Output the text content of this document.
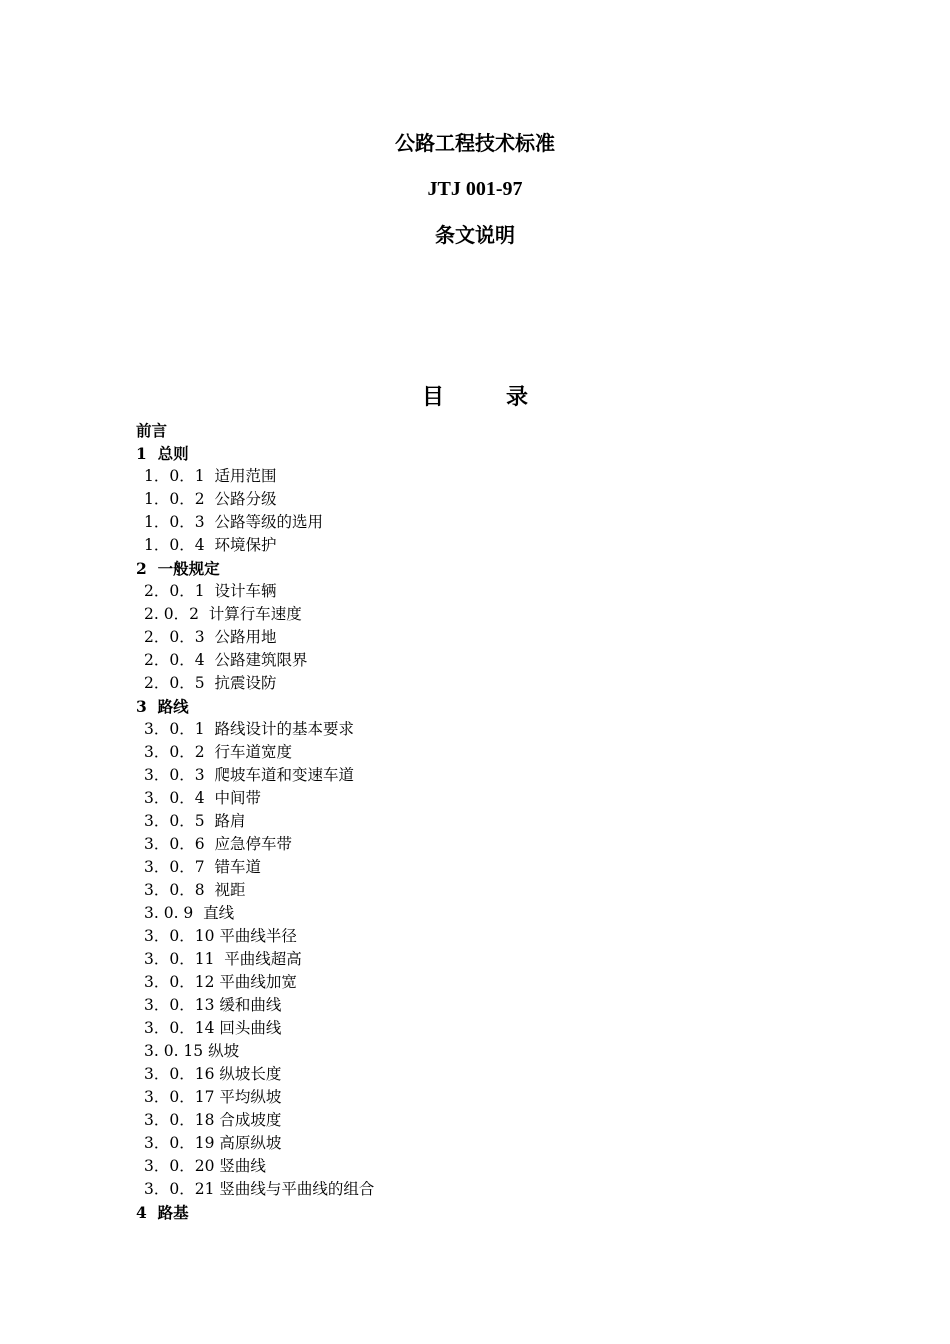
公路工程技术标准
JTJ 001-97
条文说明
目　录
前言
1  总则
1．0．1  适用范围
1．0．2  公路分级
1．0．3  公路等级的选用
1．0．4  环境保护
2  一般规定
2．0．1  设计车辆
2. 0．2  计算行车速度
2．0．3  公路用地
2．0．4  公路建筑限界
2．0．5  抗震设防
3  路线
3．0．1  路线设计的基本要求
3．0．2  行车道宽度
3．0．3  爬坡车道和变速车道
3．0．4  中间带
3．0．5  路肩
3．0．6  应急停车带
3．0．7  错车道
3．0．8  视距
3. 0. 9  直线
3．0．10 平曲线半径
3．0．11  平曲线超高
3．0．12 平曲线加宽
3．0．13 缓和曲线
3．0．14 回头曲线
3. 0. 15 纵坡
3．0．16 纵坡长度
3．0．17 平均纵坡
3．0．18 合成坡度
3．0．19 高原纵坡
3．0．20 竖曲线
3．0．21 竖曲线与平曲线的组合
4  路基
